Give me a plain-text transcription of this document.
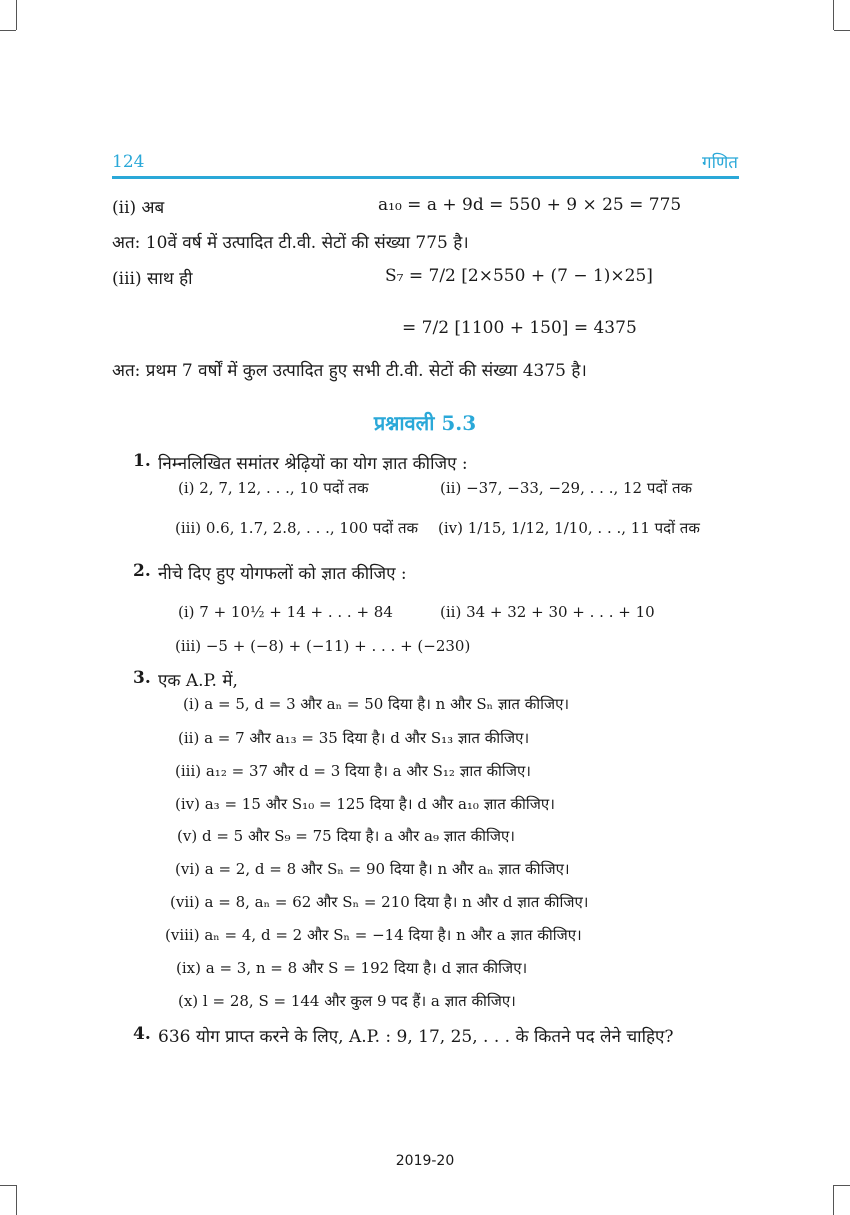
124	गणित
(ii) अब	a₁₀ = a + 9d = 550 + 9 × 25 = 775
अत: 10वें वर्ष में उत्पादित टी.वी. सेटों की संख्या 775 है।
(iii) साथ ही	S₇ = 7/2 [2×550 + (7 − 1)×25]
= 7/2 [1100 + 150] = 4375
अत: प्रथम 7 वर्षों में कुल उत्पादित हुए सभी टी.वी. सेटों की संख्या 4375 है।
प्रश्नावली 5.3
1. निम्नलिखित समांतर श्रेढ़ियों का योग ज्ञात कीजिए :
(i) 2, 7, 12, . . ., 10 पदों तक	(ii) −37, −33, −29, . . ., 12 पदों तक
(iii) 0.6, 1.7, 2.8, . . ., 100 पदों तक (iv) 1/15, 1/12, 1/10, . . ., 11 पदों तक
2. नीचे दिए हुए योगफलों को ज्ञात कीजिए :
(i) 7 + 10½ + 14 + . . . + 84	(ii) 34 + 32 + 30 + . . . + 10
(iii) −5 + (−8) + (−11) + . . . + (−230)
3. एक A.P. में,
(i) a = 5, d = 3 और aₙ = 50 दिया है। n और Sₙ ज्ञात कीजिए।
(ii) a = 7 और a₁₃ = 35 दिया है। d और S₁₃ ज्ञात कीजिए।
(iii) a₁₂ = 37 और d = 3 दिया है। a और S₁₂ ज्ञात कीजिए।
(iv) a₃ = 15 और S₁₀ = 125 दिया है। d और a₁₀ ज्ञात कीजिए।
(v) d = 5 और S₉ = 75 दिया है। a और a₉ ज्ञात कीजिए।
(vi) a = 2, d = 8 और Sₙ = 90 दिया है। n और aₙ ज्ञात कीजिए।
(vii) a = 8, aₙ = 62 और Sₙ = 210 दिया है। n और d ज्ञात कीजिए।
(viii) aₙ = 4, d = 2 और Sₙ = −14 दिया है। n और a ज्ञात कीजिए।
(ix) a = 3, n = 8 और S = 192 दिया है। d ज्ञात कीजिए।
(x) l = 28, S = 144 और कुल 9 पद हैं। a ज्ञात कीजिए।
4. 636 योग प्राप्त करने के लिए, A.P. : 9, 17, 25, . . . के कितने पद लेने चाहिए?
2019-20
